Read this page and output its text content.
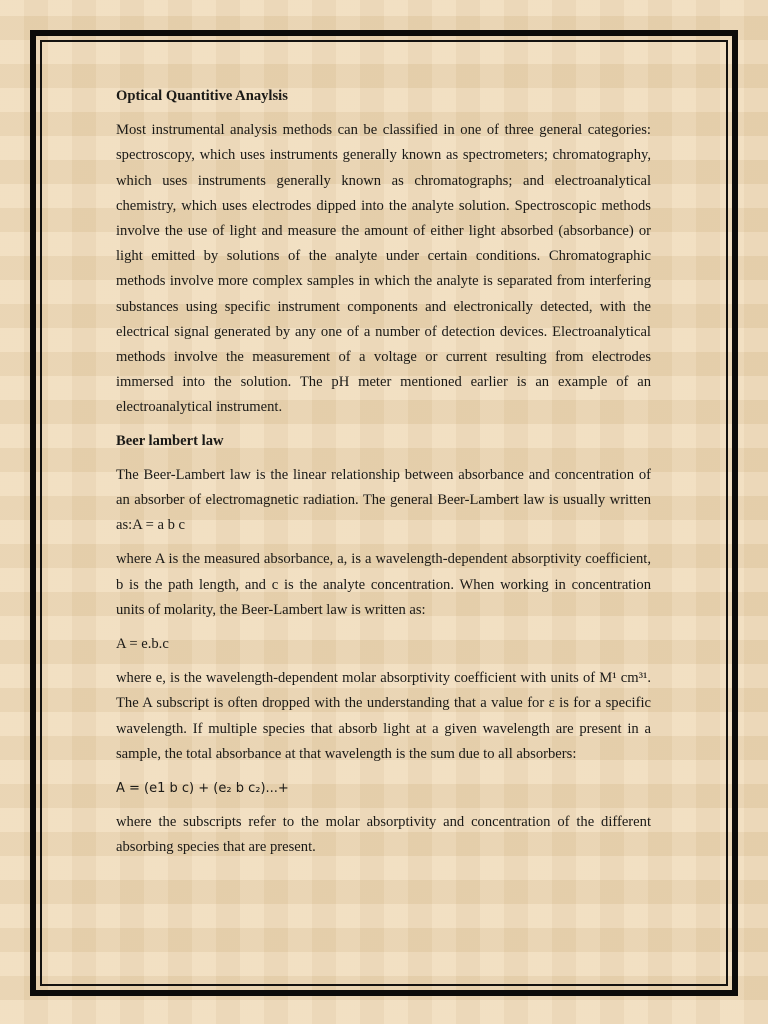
Optical Quantitive Anaylsis

Most instrumental analysis methods can be classified in one of three general categories: spectroscopy, which uses instruments generally known as spectrometers; chromatography, which uses instruments generally known as chromatographs; and electroanalytical chemistry, which uses electrodes dipped into the analyte solution. Spectroscopic methods involve the use of light and measure the amount of either light absorbed (absorbance) or light emitted by solutions of the analyte under certain conditions. Chromatographic methods involve more complex samples in which the analyte is separated from interfering substances using specific instrument components and electronically detected, with the electrical signal generated by any one of a number of detection devices. Electroanalytical methods involve the measurement of a voltage or current resulting from electrodes immersed into the solution. The pH meter mentioned earlier is an example of an electroanalytical instrument.

Beer lambert law

The Beer-Lambert law is the linear relationship between absorbance and concentration of an absorber of electromagnetic radiation. The general Beer-Lambert law is usually written as:A = a b c

where A is the measured absorbance, a, is a wavelength-dependent absorptivity coefficient, b is the path length, and c is the analyte concentration. When working in concentration units of molarity, the Beer-Lambert law is written as:

A = e.b.c

where e, is the wavelength-dependent molar absorptivity coefficient with units of M¹ cm³¹. The A subscript is often dropped with the understanding that a value for ε is for a specific wavelength. If multiple species that absorb light at a given wavelength are present in a sample, the total absorbance at that wavelength is the sum due to all absorbers:

A = (e1 b c) + (e₂ b c₂)...+

where the subscripts refer to the molar absorptivity and concentration of the different absorbing species that are present.
